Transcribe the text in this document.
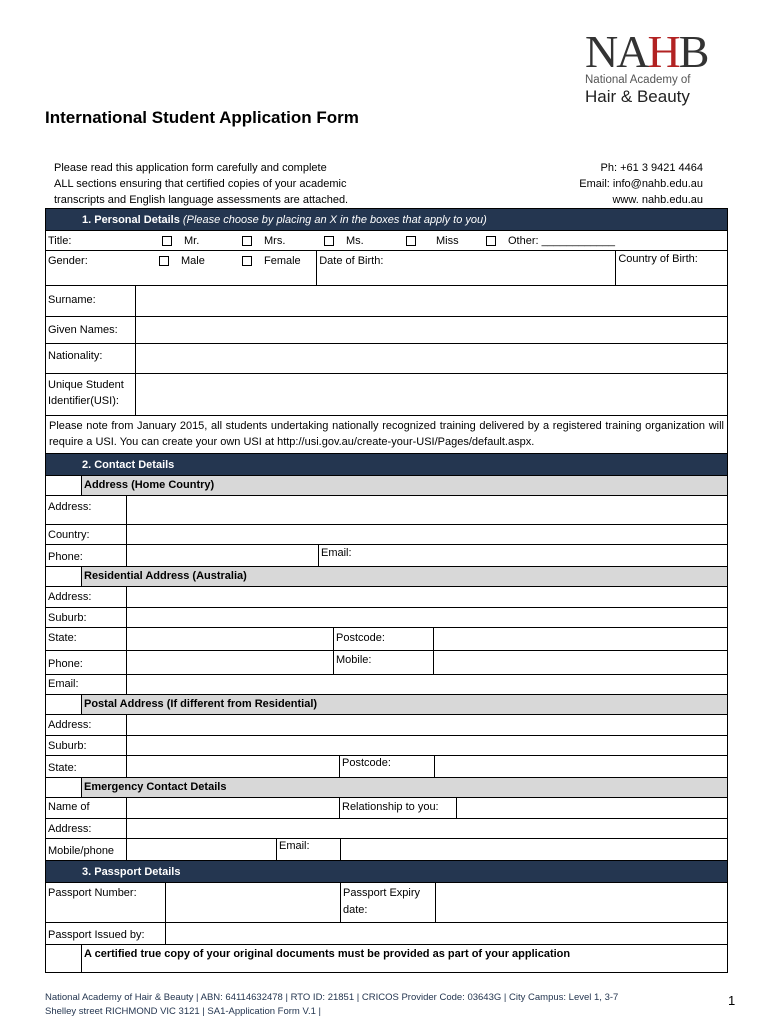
NAHB
National Academy of
Hair & Beauty
International Student Application Form
Please read this application form carefully and complete
ALL sections ensuring that certified copies of your academic
transcripts and English language assessments are attached.
Ph: +61 3 9421 4464
Email: info@nahb.edu.au
www. nahb.edu.au
1. Personal Details (Please choose by placing an X in the boxes that apply to you)
Title:	Mr.	Mrs.	Ms.	Miss	Other: ____________
Gender:	Male	Female Date of Birth:	Country of Birth:
Surname:
Given Names:
Nationality:
Unique Student
Identifier(USI):
Please note from January 2015, all students undertaking nationally recognized training delivered by a registered training organization will require a USI. You can create your own USI at http://usi.gov.au/create-your-USI/Pages/default.aspx.
2. Contact Details
Address (Home Country)
Address:
Country:
Phone:	Email:
Residential Address (Australia)
Address:
Suburb:
State:	Postcode:
Phone:	Mobile:
Email:
Postal Address (If different from Residential)
Address:
Suburb:
State:	Postcode:
Emergency Contact Details
Name of	Relationship to you:
Address:
Mobile/phone	Email:
3. Passport Details
Passport Number:	Passport Expiry date:
Passport Issued by:
A certified true copy of your original documents must be provided as part of your application
National Academy of Hair & Beauty | ABN: 64114632478 | RTO ID: 21851 | CRICOS Provider Code: 03643G | City Campus: Level 1, 3-7
Shelley street RICHMOND VIC 3121 | SA1-Application Form V.1 |
1
